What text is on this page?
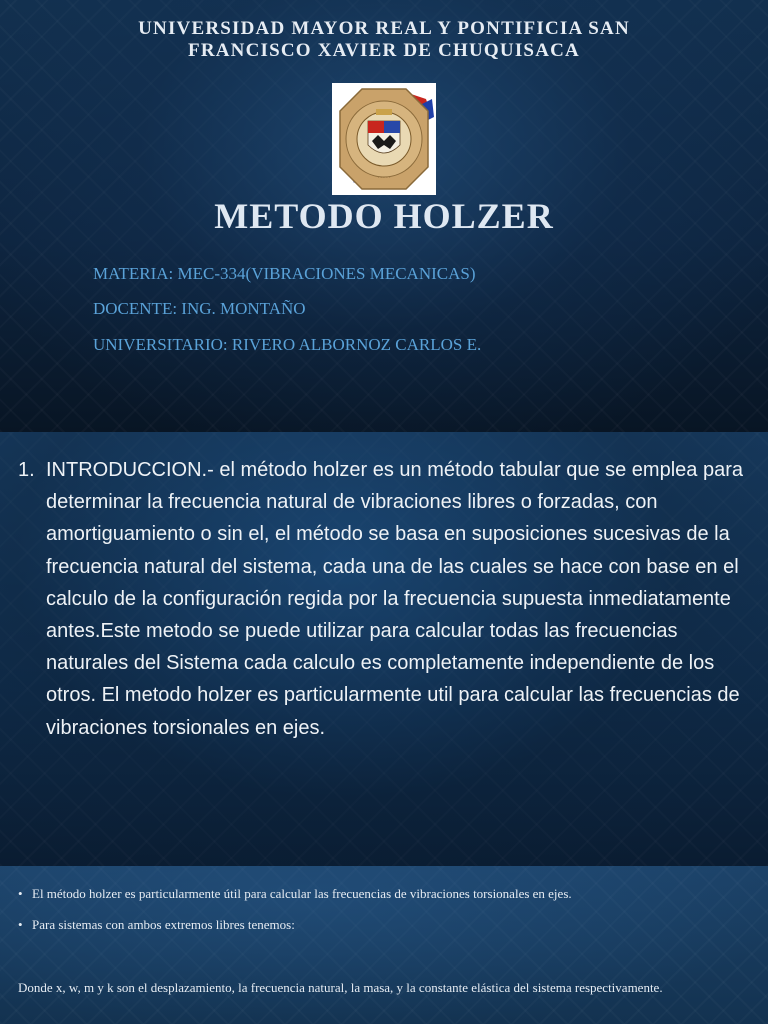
UNIVERSIDAD MAYOR REAL Y PONTIFICIA SAN
FRANCISCO XAVIER DE CHUQUISACA
· · · · ·
METODO HOLZER
MATERIA: MEC-334(VIBRACIONES MECANICAS)
DOCENTE: ING. MONTAÑO
UNIVERSITARIO: RIVERO ALBORNOZ CARLOS E.
1. INTRODUCCION.- el método holzer es un método tabular que se emplea para determinar la frecuencia natural de vibraciones libres o forzadas, con amortiguamiento o sin el, el método se basa en suposiciones sucesivas de la frecuencia natural del sistema, cada una de las cuales se hace con base en el calculo de la configuración regida por la frecuencia supuesta inmediatamente antes.Este metodo se puede utilizar para calcular todas las frecuencias naturales del Sistema cada calculo es completamente independiente de los otros. El metodo holzer es particularmente util para calcular las frecuencias de vibraciones torsionales en ejes.
• El método holzer es particularmente útil para calcular las frecuencias de vibraciones torsionales en ejes.
• Para sistemas con ambos extremos libres tenemos:
Donde x, w, m y k son el desplazamiento, la frecuencia natural, la masa, y la constante elástica del sistema respectivamente.
